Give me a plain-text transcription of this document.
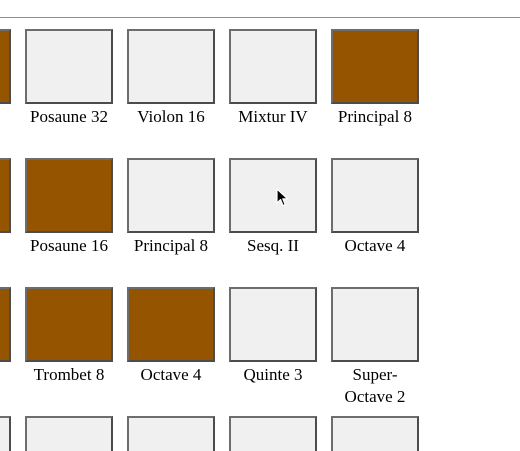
Posaune 32	Violon 16	Mixtur IV	Principal 8
Posaune 16	Principal 8	Sesq. II	Octave 4
Trombet 8	Octave 4	Quinte 3	Super-Octave 2
